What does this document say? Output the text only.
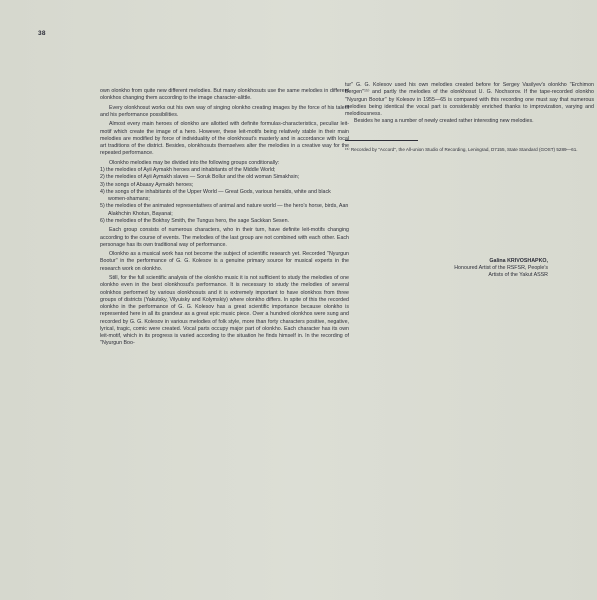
38

own olonkho from quite new different melodies. But many olonkhosuts use the same melodies in different olonkhos changing them according to the image character-alittle.

Every olonkhosut works out his own way of singing olonkho creating images by the force of his talent and his performance possibilities.

Almost every main heroes of olonkho are allotted with definite formulas-characteristics, peculiar leit-motif which create the image of a hero. However, these leit-motifs being relatively stable in their main melodies are modified by force of individuality of the olonkhosut's masterly and in accordance with local art traditions of the district. Besides, olonkhosuts themselves alter the melodies in a creative way for the repeated performance.

Olonkho melodies may be divided into the following groups conditionally:

1) the melodies of Ayii Aymakh heroes and inhabitants of the Middle World;

2) the melodies of Ayii Aymakh slaves — Soruk Bollur and the old woman Simakhsin;

3) the songs of Abaasy Aymakh heroes;

4) the songs of the inhabitants of the Upper World — Great Gods, various heralds, white and black women-shamans;

5) the melodies of the animated representatives of animal and nature world — the hero's horse, birds, Aan Alakhchin Khotun, Bayanai;

6) the melodies of the Bokhsy Smith, the Tungus hero, the sage Sackkan Sesen.

Each group consists of numerous characters, who in their turn, have definite leit-motifs changing according to the course of events. The melodies of the last group are not combined with each other. Each personage has its own traditional way of performance.

Olonkho as a musical work has not become the subject of scientific research yet. Recorded ''Nyurgun Bootur'' in the performance of G. G. Kolesov is a genuine primary source for musical experts in the research work on olonkho.

Still, for the full scientific analysis of the olonkho music it is not sufficient to study the melodies of one olonkho even in the best olonkhosut's performance. It is necessary to study the melodies of several oolnkhos performed by various olonkhosuts and it is extremely important to have olonkhos from three groups of districts (Yakutsky, Vilyuisky and Kolymskiy) where olonkho differs. In spite of this the recorded olonkho in the performance of G. G. Kolesov has a great scientific importance because olonkho is represented here in all its grandeur as a great epic music piece. Over a hundred olonkhos were sung and recorded by G. G. Kolesov in various melodies of folk style, more than forty characters positive, negative, lyrical, tragic, comic were created. Vocal parts occupy major part of olonkho. Each character has its own leit-motif, which in its progress is varied according to the situation he finds himself in. In the recording of ''Nyurgun Boo-

tur'' G. G. Kolesov used his own melodies created before for Sergey Vasilyev's olonkho ''Erchimon Bergen''¹⁵⁾ and partly the melodies of the olonkhosut U. G. Nochsorov. If the tape-recorded olonkho ''Nyurgun Bootur'' by Kolesov in 1955—65 is compared with this recording one must say that numerous melodies being identical the vocal part is considerably enriched thanks to improvization, varying and melodiousness.

Besides he sang a number of newly created rather interesting new melodies.

¹⁵⁾ Recorded by ''Accord'', the All-union Studio of Recording, Leningrad, D7155, State Standard (GOST) 5289—61.

Galina KRIVOSHAPKO,
Honoured Artist of the RSFSR, People's
Artists of the Yakut ASSR
